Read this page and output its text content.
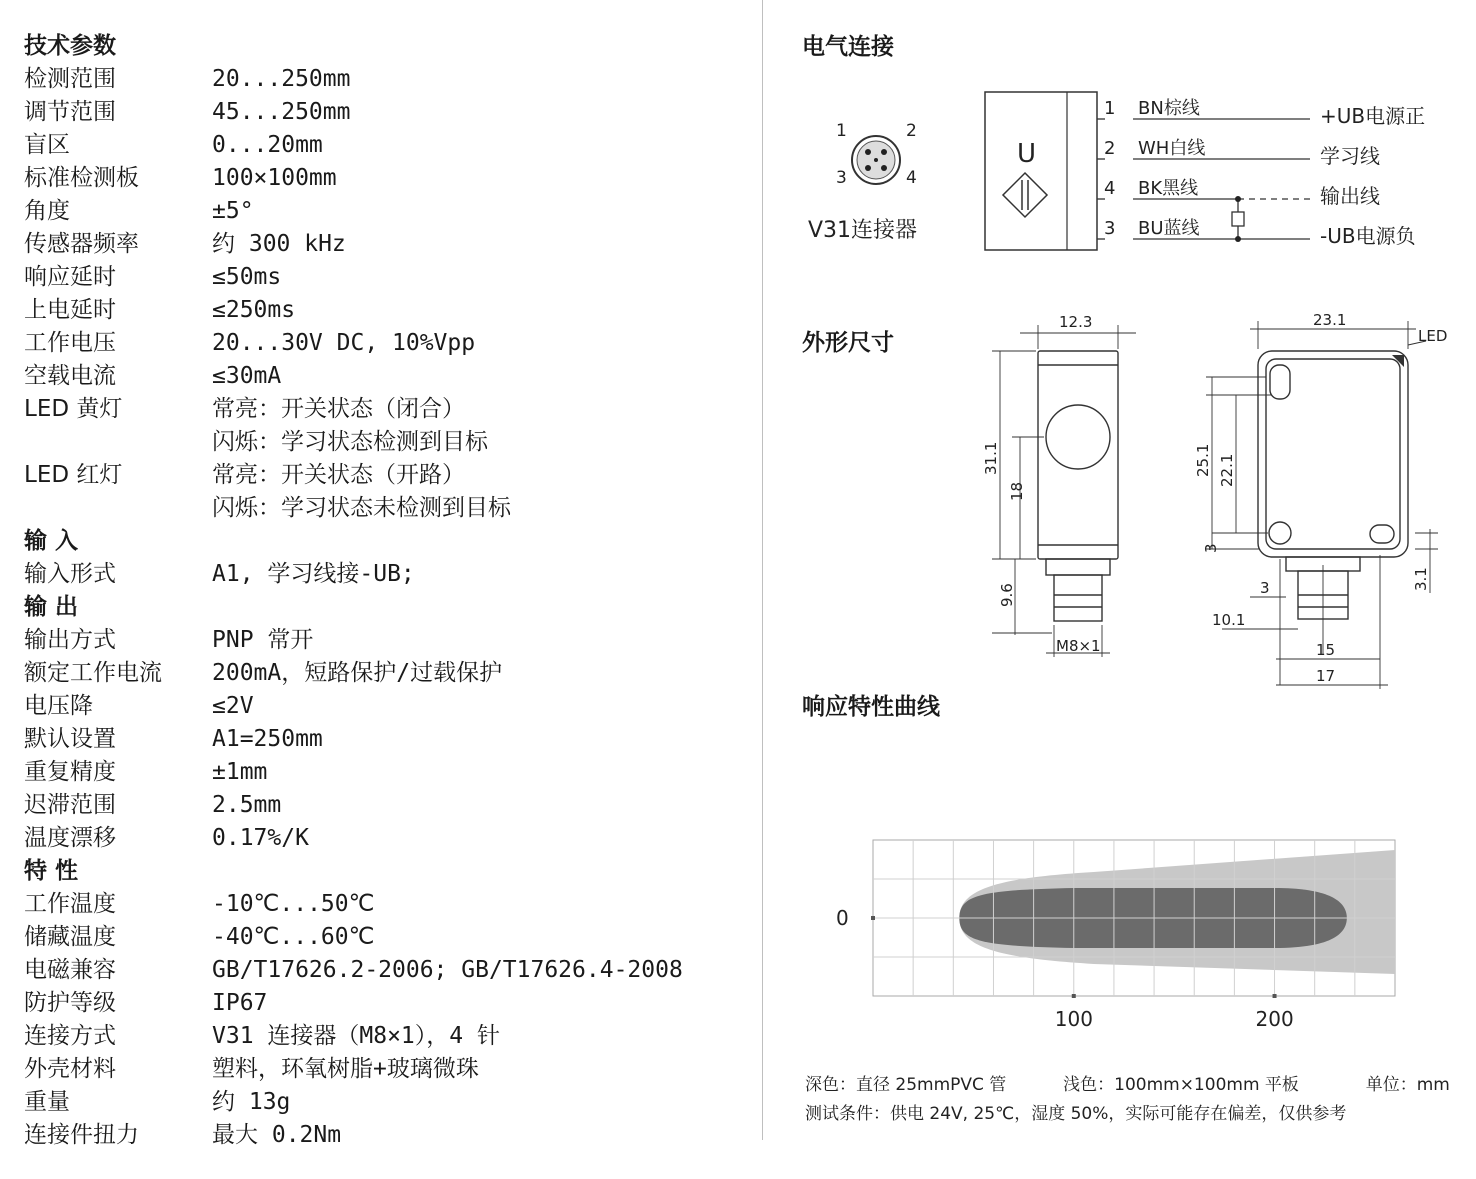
技术参数
检测范围	20...250mm
调节范围	45...250mm
盲区	0...20mm
标准检测板	100×100mm
角度	±5°
传感器频率	约 300 kHz
响应延时	≤50ms
上电延时	≤250ms
工作电压	20...30V DC, 10%Vpp
空载电流	≤30mA
LED 黄灯	常亮：开关状态（闭合）
闪烁：学习状态检测到目标
LED 红灯	常亮：开关状态（开路）
闪烁：学习状态未检测到目标
输 入
输入形式	A1, 学习线接-UB;
输 出
输出方式	PNP 常开
额定工作电流 200mA，短路保护/过载保护
电压降	≤2V
默认设置	A1=250mm
重复精度	±1mm
迟滞范围	2.5mm
温度漂移	0.17%/K
特 性
工作温度	-10℃...50℃
储藏温度	-40℃...60℃
电磁兼容	GB/T17626.2-2006; GB/T17626.4-2008
防护等级	IP67
连接方式	V31 连接器（M8×1），4 针
外壳材料	塑料，环氧树脂+玻璃微珠
重量	约 13g
连接件扭力	最大 0.2Nm
电气连接
外形尺寸
响应特性曲线
1	2
3	4
V31连接器
U
1 BN棕线	+UB电源正
2 WH白线	学习线
4 BK黑线	输出线
3 BU蓝线	-UB电源负
12.3
31.1
18
9.6
M8×1
23.1
LED
25.1 22.1
3
3	3.1
10.1
15
17
100	200
0
深色：直径 25mmPVC 管	浅色：100mm×100mm 平板	单位：mm
测试条件：供电 24V, 25℃，湿度 50%，实际可能存在偏差，仅供参考
